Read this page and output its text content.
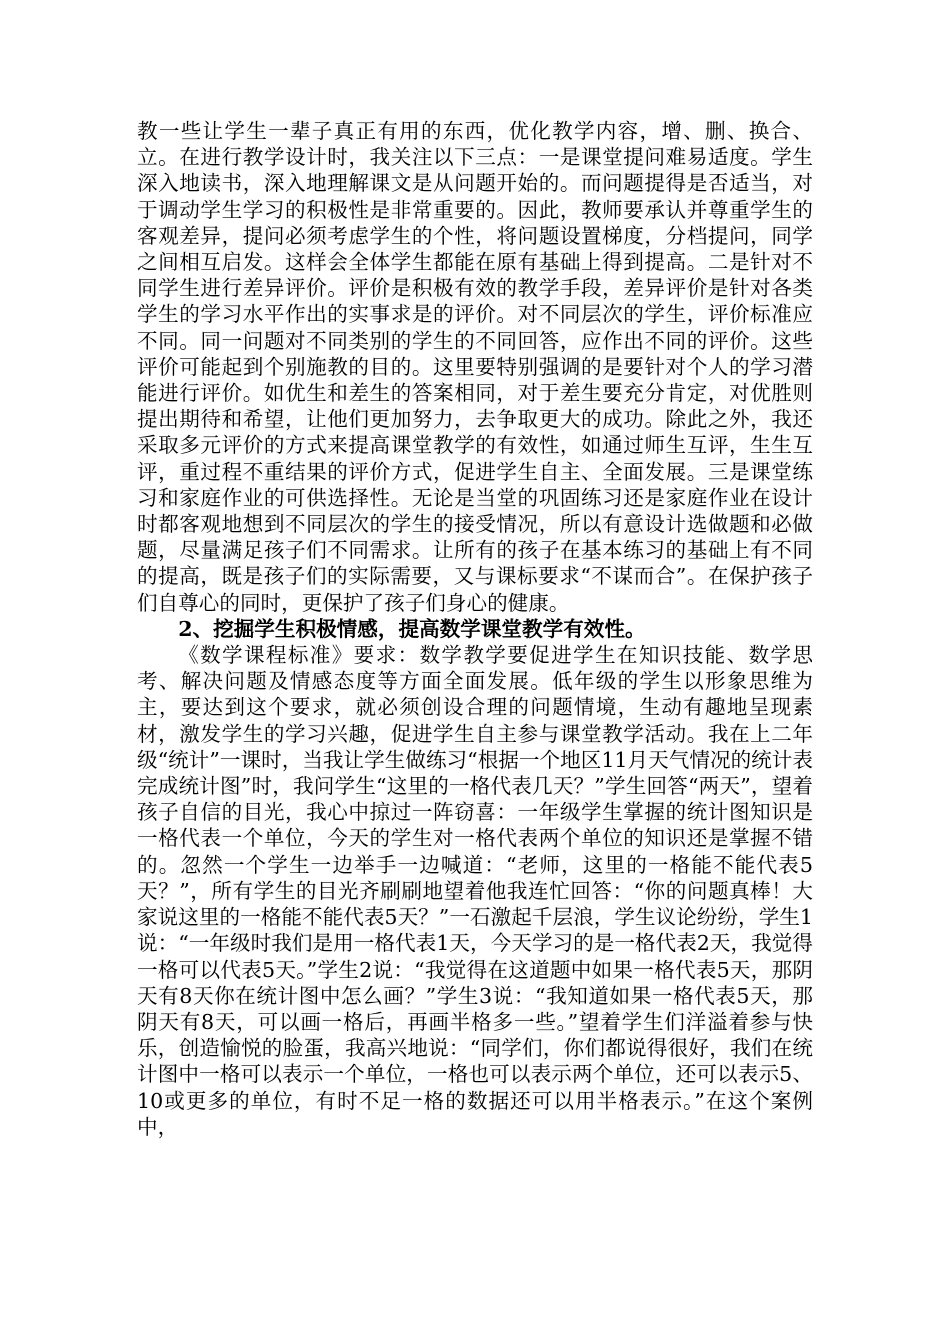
教一些让学生一辈子真正有用的东西，优化教学内容，增、删、换合、立。在进行教学设计时，我关注以下三点：一是课堂提问难易适度。学生深入地读书，深入地理解课文是从问题开始的。而问题提得是否适当，对于调动学生学习的积极性是非常重要的。因此，教师要承认并尊重学生的客观差异，提问必须考虑学生的个性，将问题设置梯度，分档提问，同学之间相互启发。这样会全体学生都能在原有基础上得到提高。二是针对不同学生进行差异评价。评价是积极有效的教学手段，差异评价是针对各类学生的学习水平作出的实事求是的评价。对不同层次的学生，评价标准应不同。同一问题对不同类别的学生的不同回答，应作出不同的评价。这些评价可能起到个别施教的目的。这里要特别强调的是要针对个人的学习潜能进行评价。如优生和差生的答案相同，对于差生要充分肯定，对优胜则提出期待和希望，让他们更加努力，去争取更大的成功。除此之外，我还采取多元评价的方式来提高课堂教学的有效性，如通过师生互评，生生互评，重过程不重结果的评价方式，促进学生自主、全面发展。三是课堂练习和家庭作业的可供选择性。无论是当堂的巩固练习还是家庭作业在设计时都客观地想到不同层次的学生的接受情况，所以有意设计选做题和必做题，尽量满足孩子们不同需求。让所有的孩子在基本练习的基础上有不同的提高，既是孩子们的实际需要，又与课标要求“不谋而合”。在保护孩子们自尊心的同时，更保护了孩子们身心的健康。

2、挖掘学生积极情感，提高数学课堂教学有效性。

《数学课程标准》要求：数学教学要促进学生在知识技能、数学思考、解决问题及情感态度等方面全面发展。低年级的学生以形象思维为主，要达到这个要求，就必须创设合理的问题情境，生动有趣地呈现素材，激发学生的学习兴趣，促进学生自主参与课堂教学活动。我在上二年级“统计”一课时，当我让学生做练习“根据一个地区11月天气情况的统计表完成统计图”时，我问学生“这里的一格代表几天？”学生回答“两天”，望着孩子自信的目光，我心中掠过一阵窃喜：一年级学生掌握的统计图知识是一格代表一个单位，今天的学生对一格代表两个单位的知识还是掌握不错的。忽然一个学生一边举手一边喊道：“老师，这里的一格能不能代表5天？”，所有学生的目光齐刷刷地望着他我连忙回答：“你的问题真棒！大家说这里的一格能不能代表5天？”一石激起千层浪，学生议论纷纷，学生1说：“一年级时我们是用一格代表1天，今天学习的是一格代表2天，我觉得一格可以代表5天。”学生2说：“我觉得在这道题中如果一格代表5天，那阴天有8天你在统计图中怎么画？”学生3说：“我知道如果一格代表5天，那阴天有8天，可以画一格后，再画半格多一些。”望着学生们洋溢着参与快乐，创造愉悦的脸蛋，我高兴地说：“同学们，你们都说得很好，我们在统计图中一格可以表示一个单位，一格也可以表示两个单位，还可以表示5、10或更多的单位，有时不足一格的数据还可以用半格表示。”在这个案例中，
